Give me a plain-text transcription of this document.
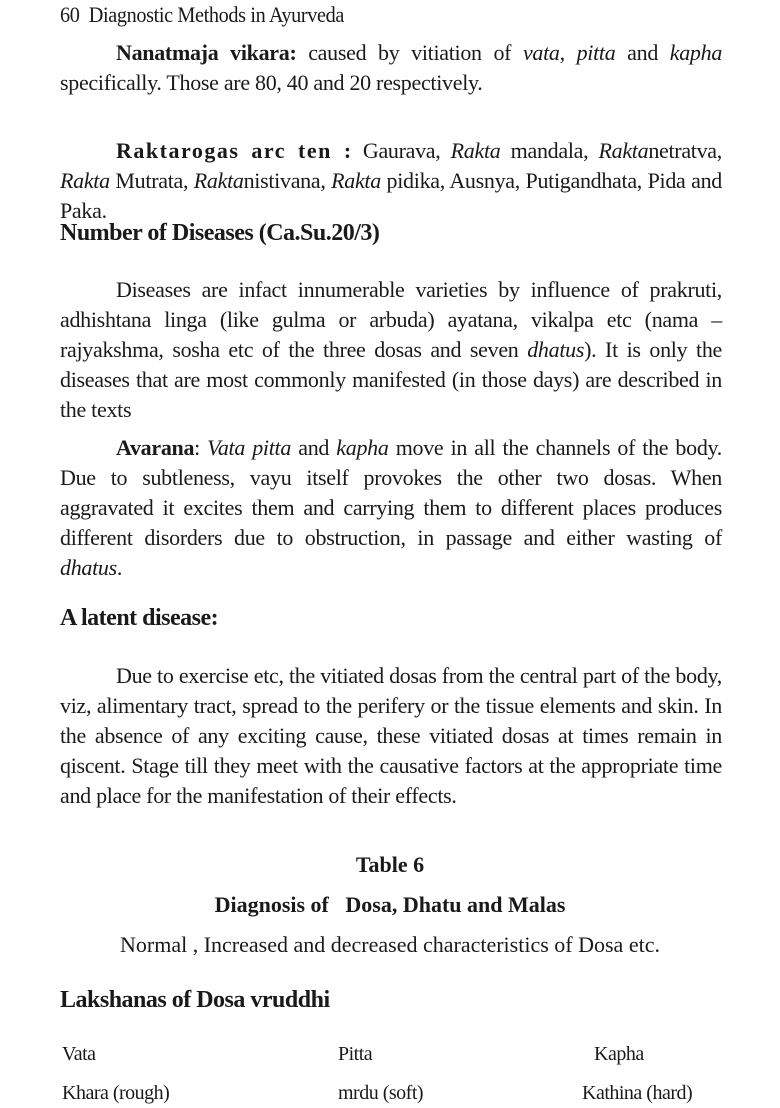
60 Diagnostic Methods in Ayurveda

Nanatmaja vikara: caused by vitiation of vata, pitta and kapha specifically. Those are 80, 40 and 20 respectively.

Raktarogas arc ten : Gaurava, Rakta mandala, Raktanetratva, Rakta Mutrata, Raktanistivana, Rakta pidika, Ausnya, Putigandhata, Pida and Paka.

Number of Diseases (Ca.Su.20/3)

Diseases are infact innumerable varieties by influence of prakruti, adhishtana linga (like gulma or arbuda) ayatana, vikalpa etc (nama – rajyakshma, sosha etc of the three dosas and seven dhatus). It is only the diseases that are most commonly manifested (in those days) are described in the texts

Avarana: Vata pitta and kapha move in all the channels of the body. Due to subtleness, vayu itself provokes the other two dosas. When aggravated it excites them and carrying them to different places produces different disorders due to obstruction, in passage and either wasting of dhatus.

A latent disease:

Due to exercise etc, the vitiated dosas from the central part of the body, viz, alimentary tract, spread to the perifery or the tissue elements and skin. In the absence of any exciting cause, these vitiated dosas at times remain in qiscent. Stage till they meet with the causative factors at the appropriate time and place for the manifestation of their effects.

Table 6
Diagnosis of   Dosa, Dhatu and Malas
Normal , Increased and decreased characteristics of Dosa etc.
Lakshanas of Dosa vruddhi
Vata	Pitta	Kapha
Khara (rough)	mrdu (soft)	Kathina (hard)
